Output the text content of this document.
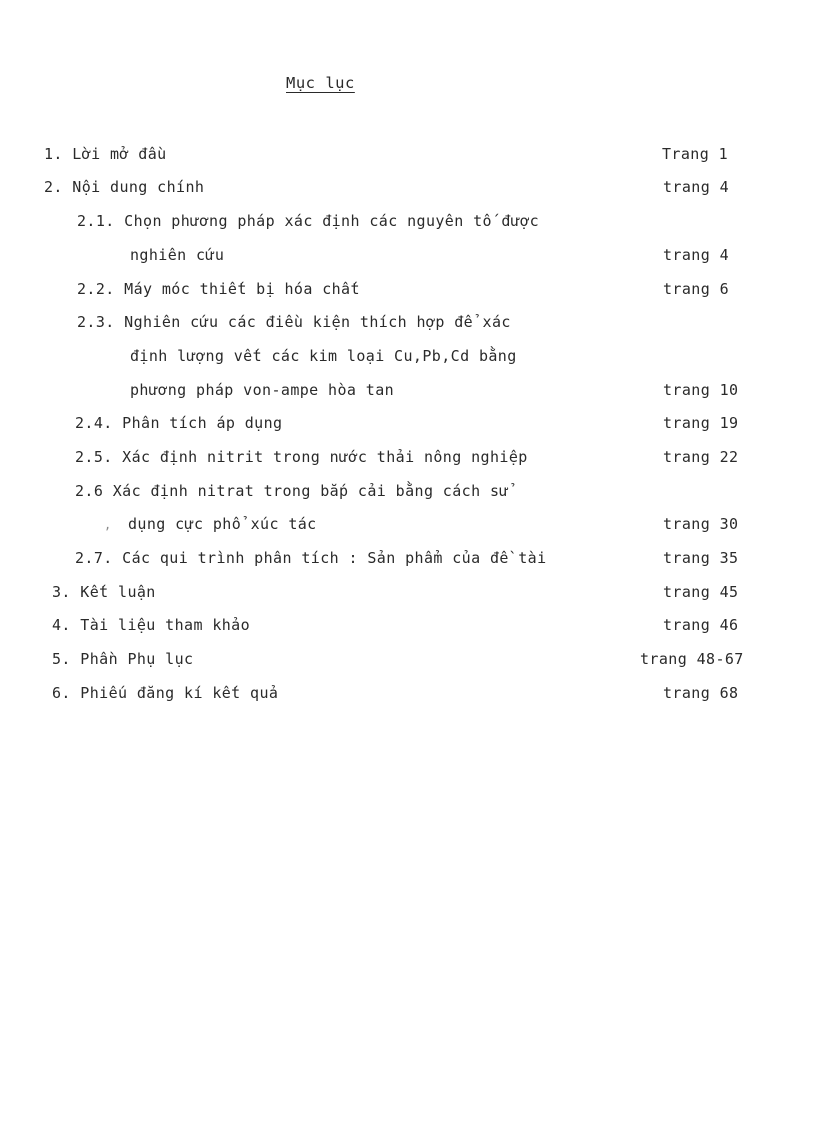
Mục lục
1. Lời mở đầu	Trang 1
2. Nội dung chính	trang 4
2.1. Chọn phương pháp xác định các nguyên tố được
nghiên cứu	trang 4
2.2. Máy móc thiết bị hóa chất	trang 6
2.3. Nghiên cứu các điều kiện thích hợp để xác
định lượng vết các kim loại Cu,Pb,Cd bằng
phương pháp von-ampe hòa tan	trang 10
2.4. Phân tích áp dụng	trang 19
2.5. Xác định nitrit trong nước thải nông nghiệp	trang 22
2.6 Xác định nitrat trong bắp cải bằng cách sử
, dụng cực phổ xúc tác	trang 30
2.7. Các qui trình phân tích : Sản phẩm của đề tài	trang 35
3. Kết luận	trang 45
4. Tài liệu tham khảo	trang 46
5. Phần Phụ lục	trang 48-67
6. Phiếu đăng kí kết quả	trang 68
